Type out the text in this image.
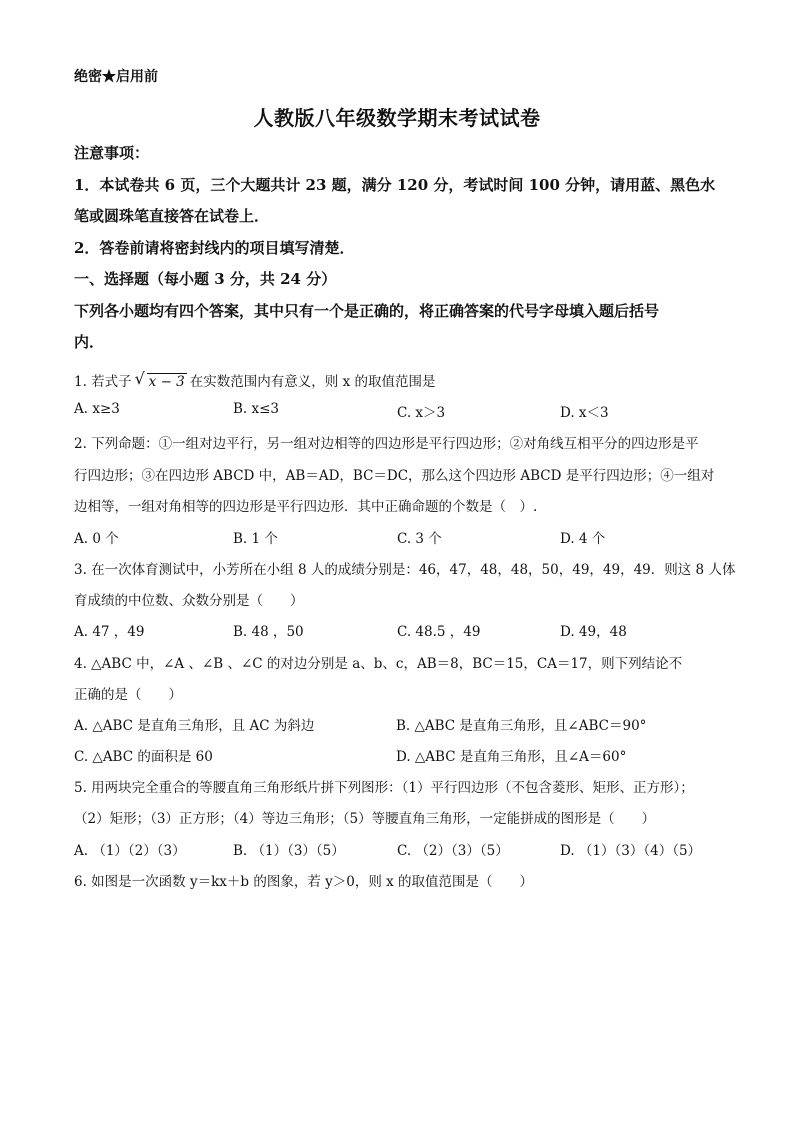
绝密★启用前
人教版八年级数学期末考试试卷
注意事项：
1．本试卷共 6 页，三个大题共计 23 题，满分 120 分，考试时间 100 分钟，请用蓝、黑色水
笔或圆珠笔直接答在试卷上．
2．答卷前请将密封线内的项目填写清楚．
一、选择题（每小题 3 分，共 24 分）
下列各小题均有四个答案，其中只有一个是正确的，将正确答案的代号字母填入题后括号
内．
1. 若式子 √ x − 3 在实数范围内有意义，则 x 的取值范围是
A. x≥3	B. x≤3	C. x＞3	D. x＜3
2. 下列命题：①一组对边平行，另一组对边相等的四边形是平行四边形；②对角线互相平分的四边形是平
行四边形；③在四边形 ABCD 中，AB＝AD，BC＝DC，那么这个四边形 ABCD 是平行四边形；④一组对
边相等，一组对角相等的四边形是平行四边形．其中正确命题的个数是（　）.
A. 0 个	B. 1 个	C. 3 个	D. 4 个
3. 在一次体育测试中，小芳所在小组 8 人的成绩分别是：46，47，48，48，50，49，49，49．则这 8 人体
育成绩的中位数、众数分别是（　　）
A. 47 ，49	B. 48 ，50	C. 48.5 ，49	D. 49，48
4. △ABC 中，∠A 、∠B 、∠C 的对边分别是 a、b、c，AB＝8，BC＝15，CA＝17，则下列结论不
正确的是（　　）
A. △ABC 是直角三角形，且 AC 为斜边	B. △ABC 是直角三角形，且∠ABC＝90°
C. △ABC 的面积是 60	D. △ABC 是直角三角形，且∠A＝60°
5. 用两块完全重合的等腰直角三角形纸片拼下列图形：（1）平行四边形（不包含菱形、矩形、正方形）；
（2）矩形；（3）正方形；（4）等边三角形；（5）等腰直角三角形，一定能拼成的图形是（　　）
A. （1）（2）（3）	B. （1）（3）（5）	C. （2）（3）（5）	D. （1）（3）（4）（5）
6. 如图是一次函数 y＝kx＋b 的图象，若 y＞0，则 x 的取值范围是（　　）
